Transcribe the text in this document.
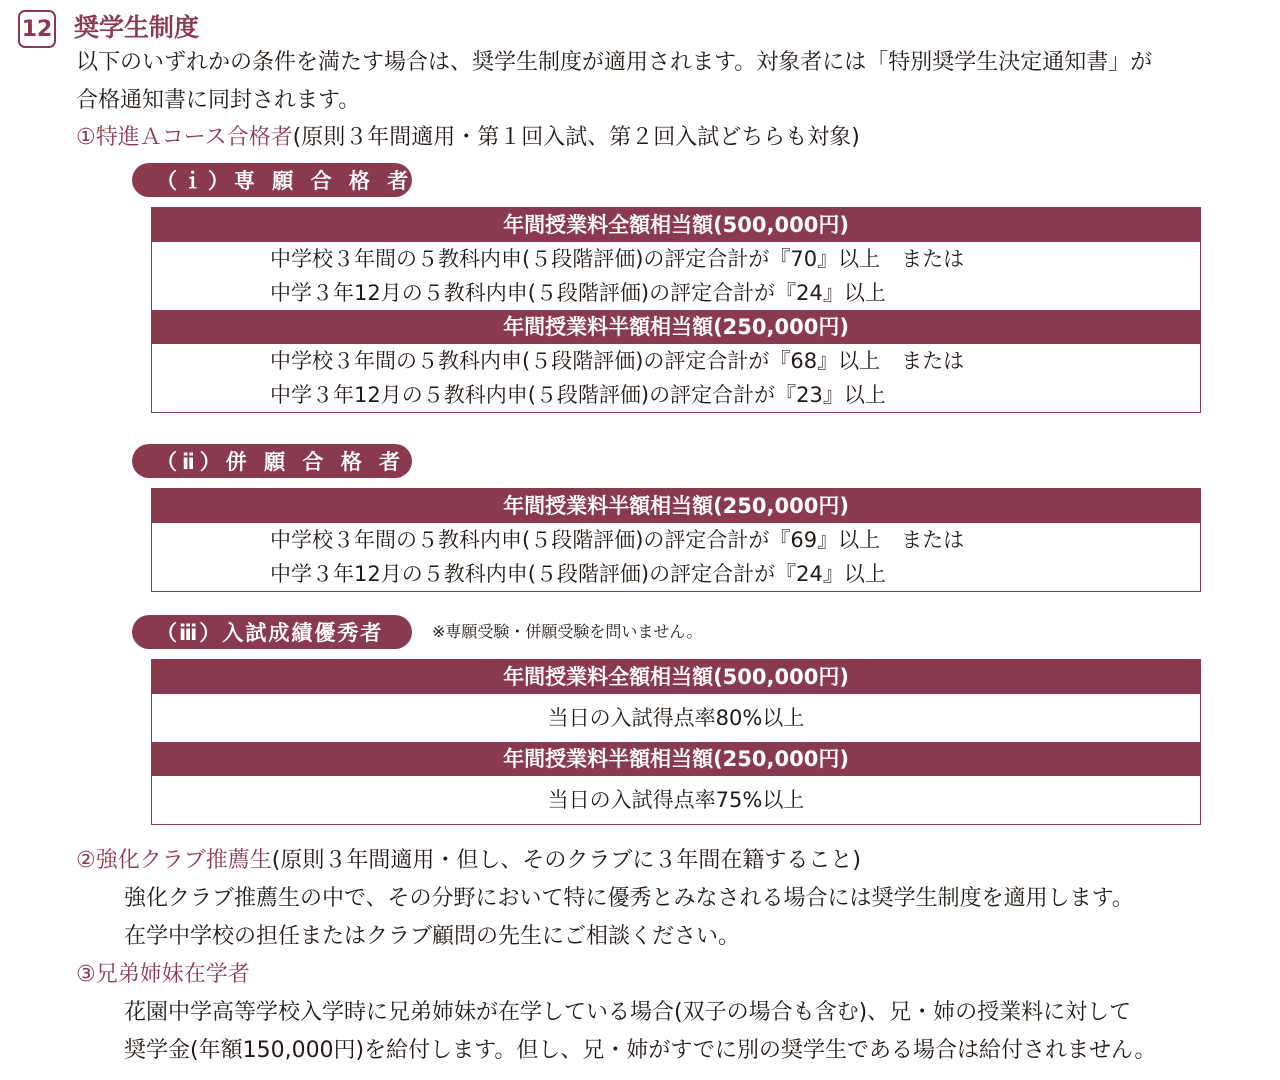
12 奨学生制度
以下のいずれかの条件を満たす場合は、奨学生制度が適用されます。対象者には「特別奨学生決定通知書」が
合格通知書に同封されます。
①特進Ａコース合格者(原則３年間適用・第１回入試、第２回入試どちらも対象)
（ｉ）専 願 合 格 者
年間授業料全額相当額(500,000円)
中学校３年間の５教科内申(５段階評価)の評定合計が『70』以上　または
中学３年12月の５教科内申(５段階評価)の評定合計が『24』以上
年間授業料半額相当額(250,000円)
中学校３年間の５教科内申(５段階評価)の評定合計が『68』以上　または
中学３年12月の５教科内申(５段階評価)の評定合計が『23』以上
（ⅱ）併 願 合 格 者
年間授業料半額相当額(250,000円)
中学校３年間の５教科内申(５段階評価)の評定合計が『69』以上　または
中学３年12月の５教科内申(５段階評価)の評定合計が『24』以上
（ⅲ）入試成績優秀者	※専願受験・併願受験を問いません。
年間授業料全額相当額(500,000円)
当日の入試得点率80%以上
年間授業料半額相当額(250,000円)
当日の入試得点率75%以上
②強化クラブ推薦生(原則３年間適用・但し、そのクラブに３年間在籍すること)
強化クラブ推薦生の中で、その分野において特に優秀とみなされる場合には奨学生制度を適用します。
在学中学校の担任またはクラブ顧問の先生にご相談ください。
③兄弟姉妹在学者
花園中学高等学校入学時に兄弟姉妹が在学している場合(双子の場合も含む)、兄・姉の授業料に対して
奨学金(年額150,000円)を給付します。但し、兄・姉がすでに別の奨学生である場合は給付されません。
